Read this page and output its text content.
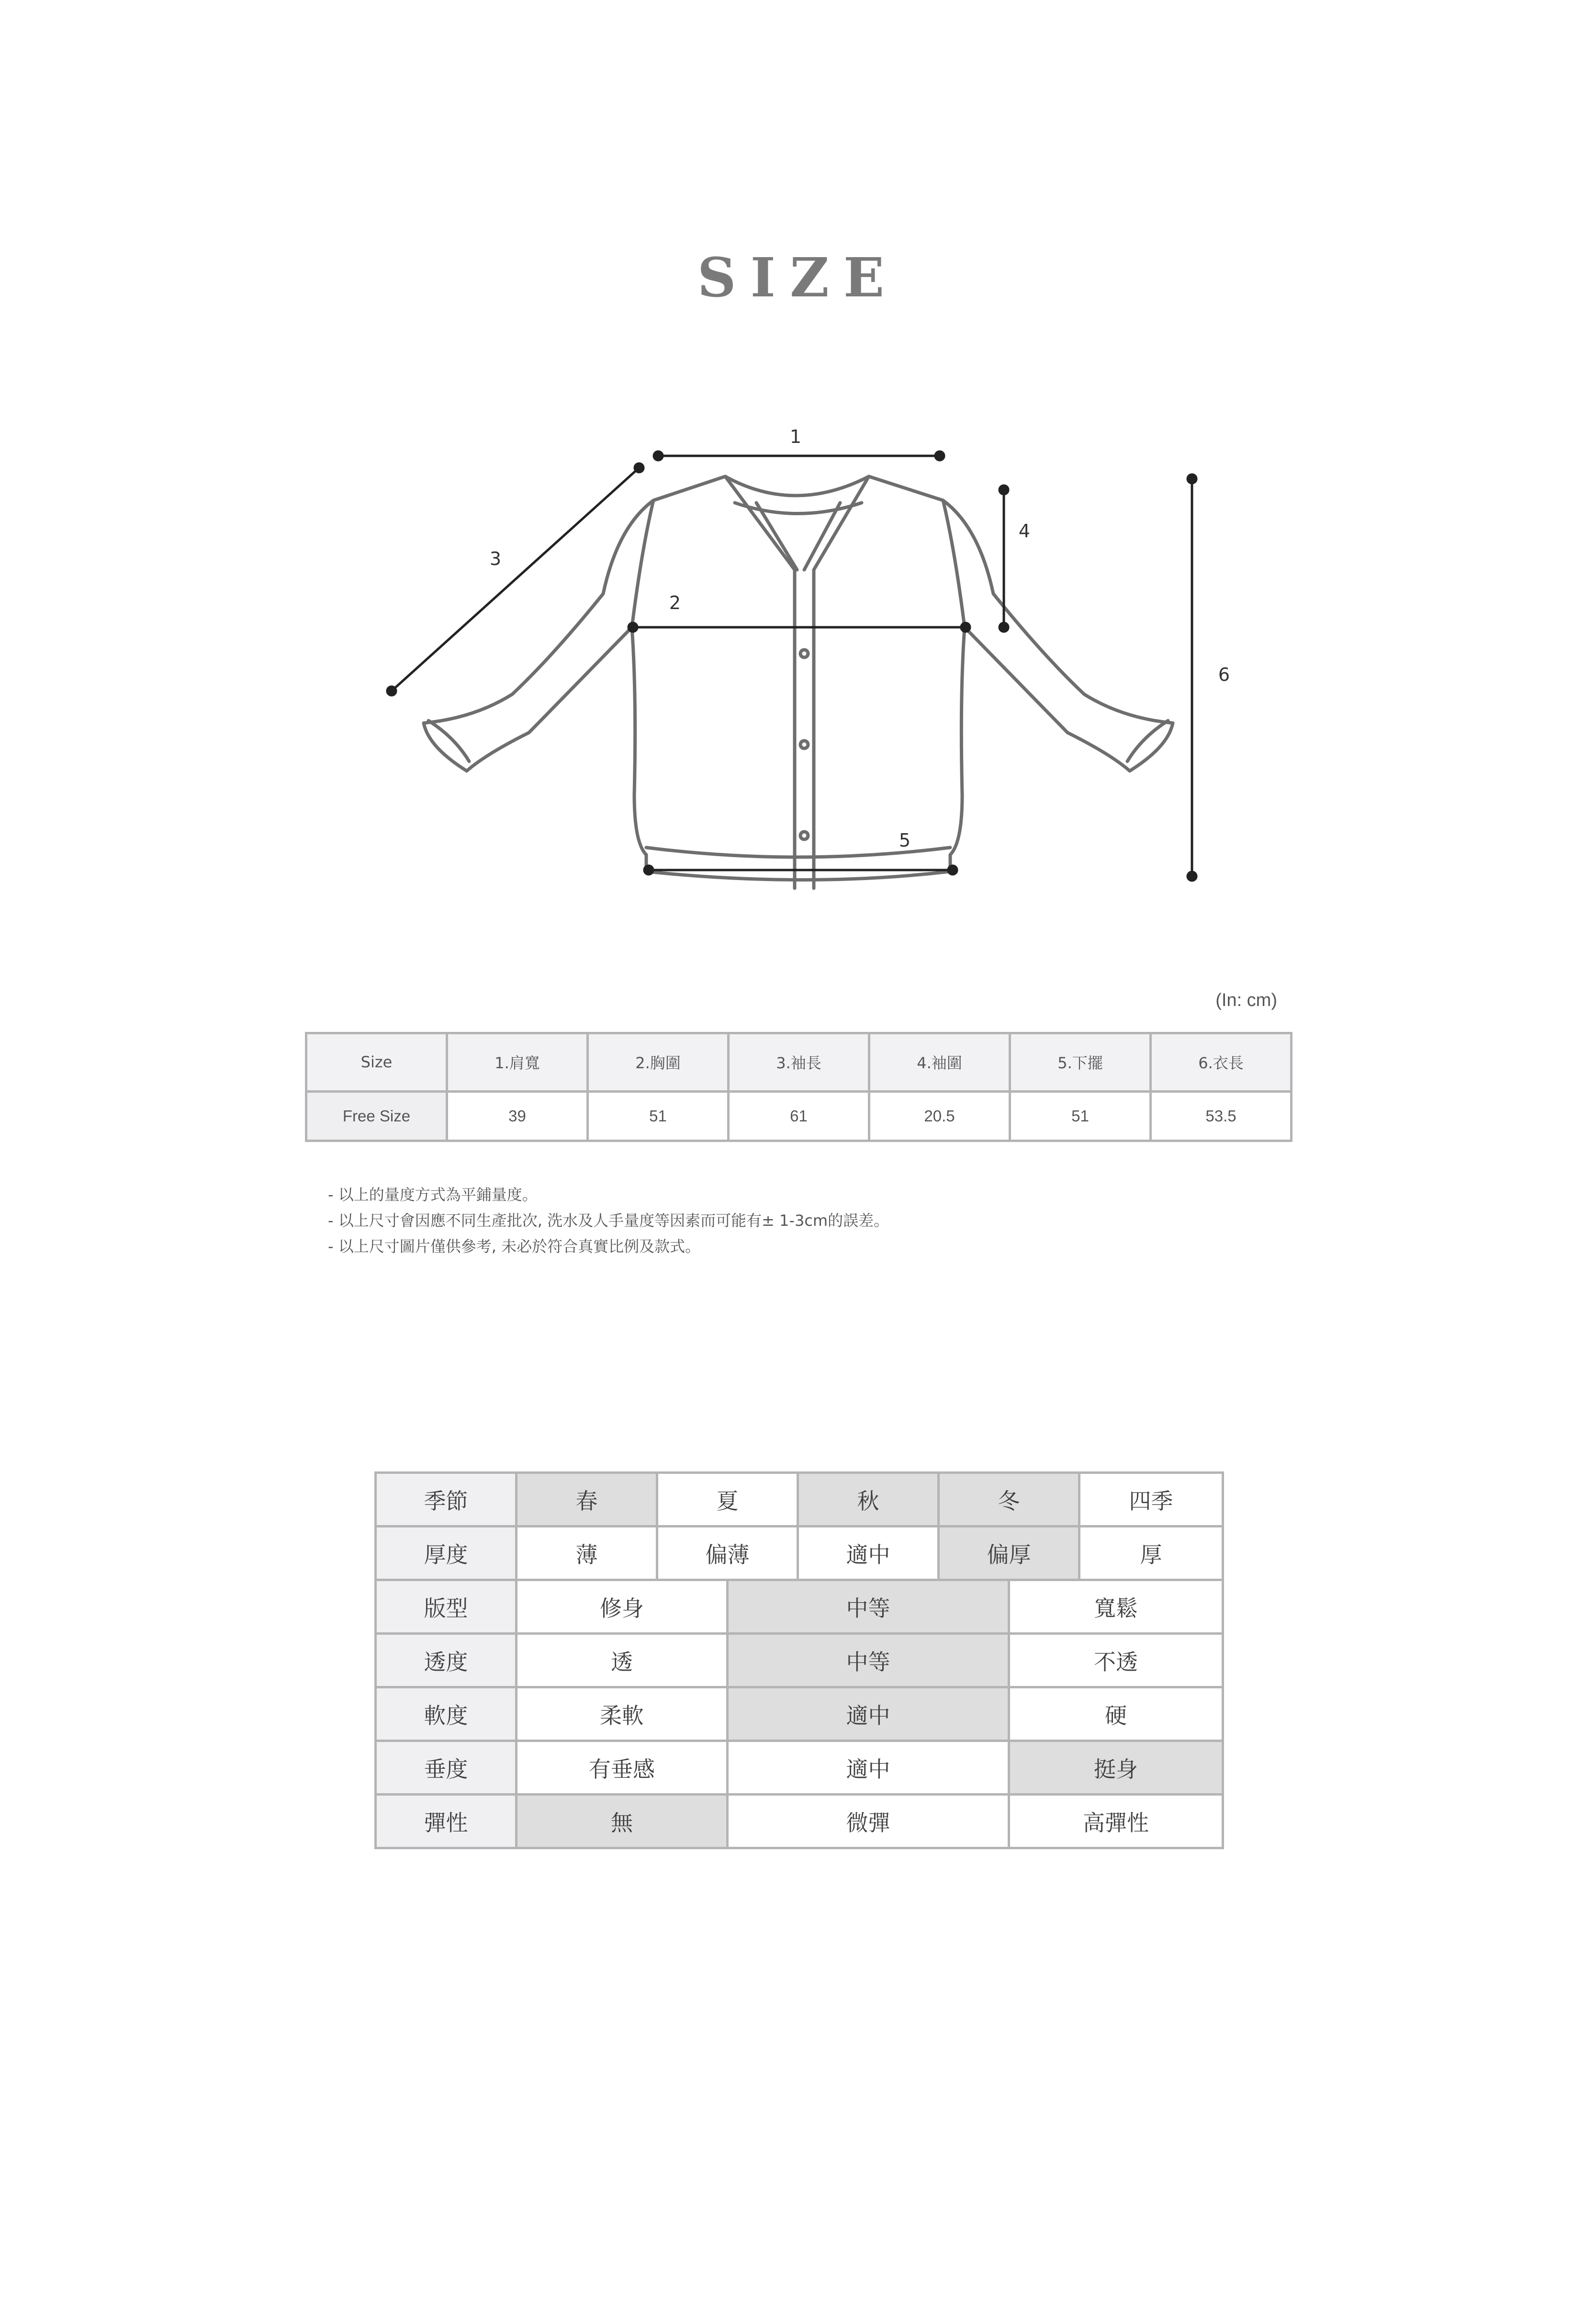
SIZE
1
2
3
4
5
6
(In: cm)
Size	1.肩寬	2.胸圍	3.袖長	4.袖圍	5.下擺	6.衣長
Free Size	39	51	61	20.5	51	53.5
- 以上的量度方式為平鋪量度。
- 以上尺寸會因應不同生產批次, 洗水及人手量度等因素而可能有± 1-3cm的誤差。
- 以上尺寸圖片僅供參考, 未必於符合真實比例及款式。
季節	春	夏		秋	冬		四季
厚度	薄	偏薄		適中	偏厚		厚
版型	修身		中等			寬鬆	
透度	透		中等			不透	
軟度	柔軟		適中			硬	
垂度	有垂感		適中			挺身	
彈性	無		微彈			高彈性	
